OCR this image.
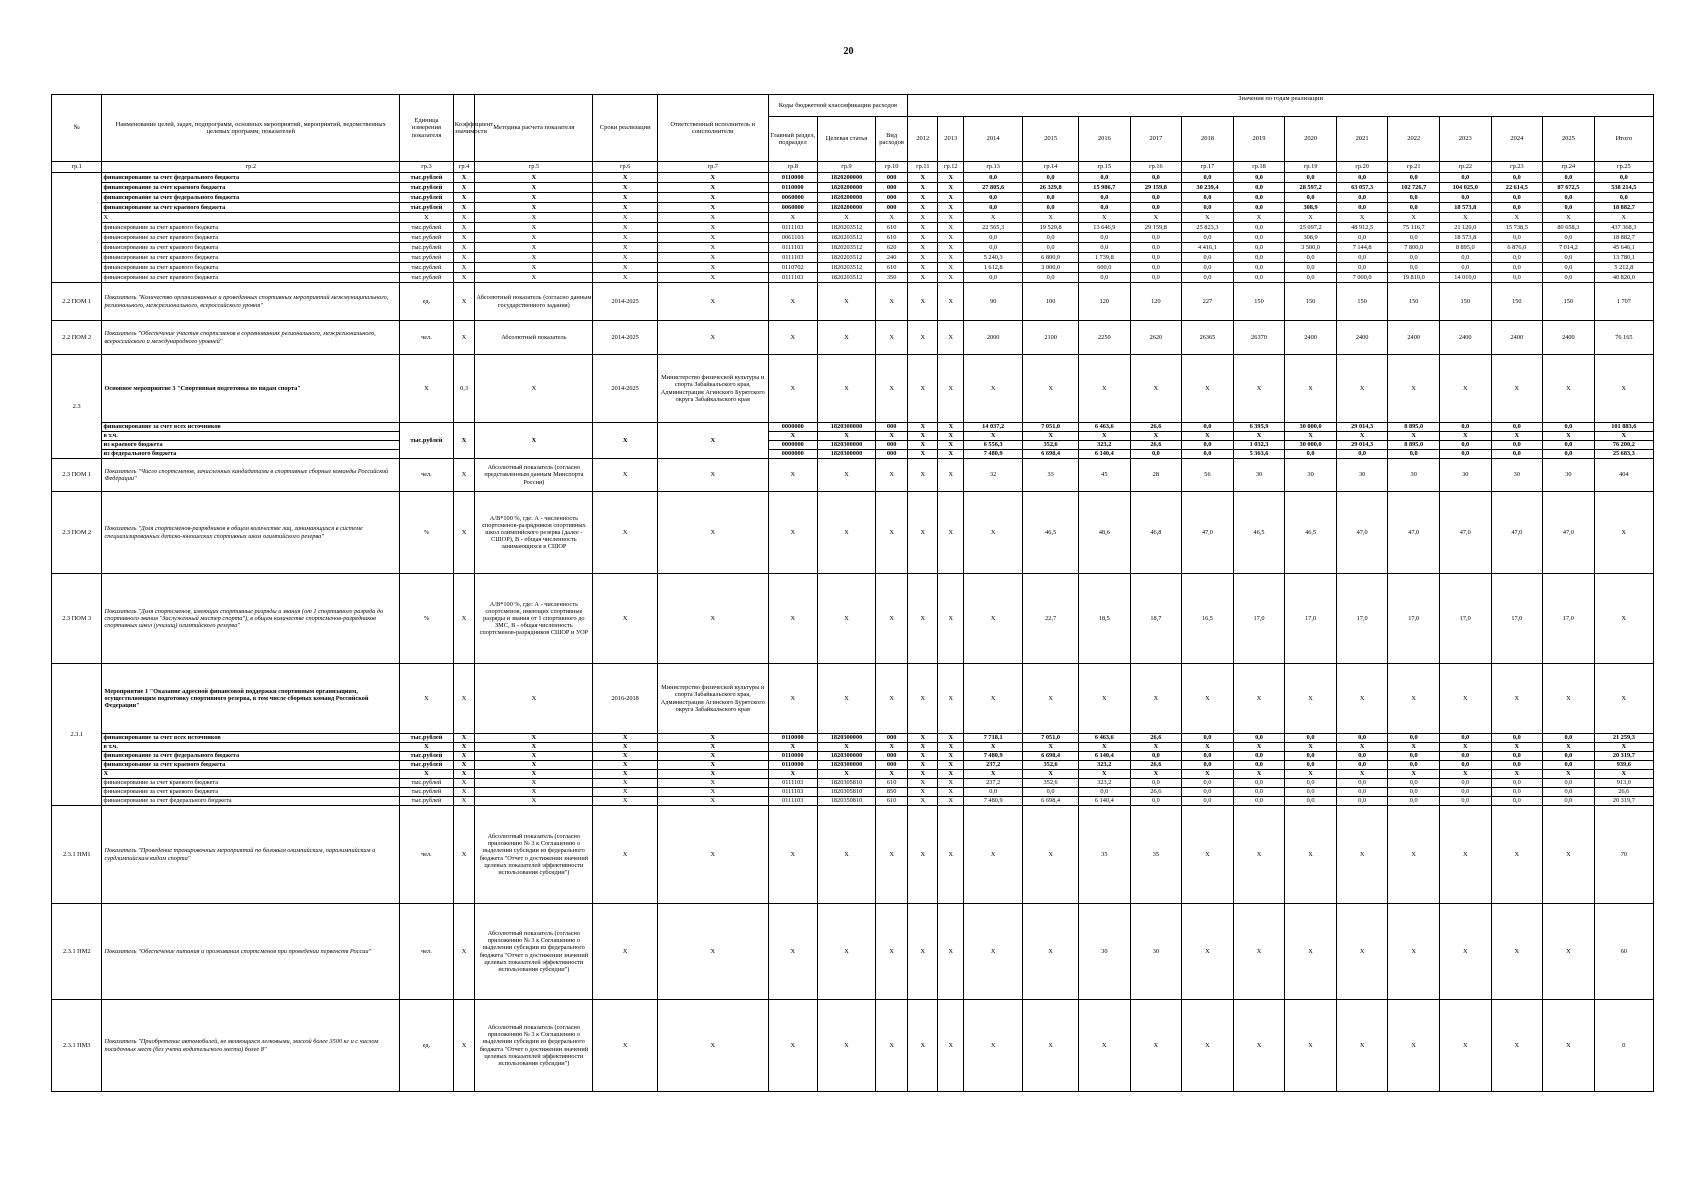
20
№	Наименование целей, задач, подпрограмм, основных мероприятий, мероприятий, ведомственных целевых программ, показателей	Единица измерения показателя	Коэффициент значимости	Методика расчета показателя	Сроки реализации	Ответственный исполнитель и соисполнители	Коды бюджетной классификации расходов			Значения по годам реализации														
							Главный раздел, подраздел	Целевая статья	Вид расходов	2012	2013	2014	2015	2016	2017	2018	2019	2020	2021	2022	2023	2024	2025	Итого
гр.1	гр.2	гр.3	гр.4	гр.5	гр.6	гр.7	гр.8	гр.9	гр.10	гр.11	гр.12	гр.13	гр.14	гр.15	гр.16	гр.17	гр.18	гр.19	гр.20	гр.21	гр.22	гр.23	гр.24	гр.25
	финансирование за счет федерального бюджета	тыс.рублей	Х	Х	Х	Х	0110000	1820200000	000	Х	Х	0,0	0,0	0,0	0,0	0,0	0,0	0,0	0,0	0,0	0,0	0,0	0,0	0,0
	финансирование за счет краевого бюджета	тыс.рублей	Х	Х	Х	Х	0110000	1820200000	000	Х	Х	27 805,6	26 329,8	15 986,7	29 159,8	30 239,4	0,0	28 597,2	63 057,3	102 726,7	104 025,0	22 614,5	87 672,5	538 214,5
	финансирование за счет федерального бюджета	тыс.рублей	Х	Х	Х	Х	0060000	1820200000	000	Х	Х	0,0	0,0	0,0	0,0	0,0	0,0	0,0	0,0	0,0	0,0	0,0	0,0	0,0
	финансирование за счет краевого бюджета	тыс.рублей	Х	Х	Х	Х	0060000	1820200000	000	Х	Х	0,0	0,0	0,0	0,0	0,0	0,0	308,9	0,0	0,0	18 573,8	0,0	0,0	18 882,7
	Х	Х	Х	Х	Х	Х	Х	Х	Х	Х	Х	Х	Х	Х	Х	Х	Х	Х	Х	Х	Х	Х	Х	Х
	финансирование за счет краевого бюджета	тыс.рублей	Х	Х	Х	Х	0111103	1820203512	610	Х	Х	22 565,3	19 529,8	13 646,9	29 159,8	25 823,3	0,0	25 097,2	48 912,5	75 116,7	21 120,0	15 738,5	80 658,3	437 368,3
	финансирование за счет краевого бюджета	тыс.рублей	Х	Х	Х	Х	0061103	1820203512	610	Х	Х	0,0	0,0	0,0	0,0	0,0	0,0	308,9	0,0	0,0	18 573,8	0,0	0,0	18 882,7
	финансирование за счет краевого бюджета	тыс.рублей	Х	Х	Х	Х	0111103	1820203512	620	Х	Х	0,0	0,0	0,0	0,0	4 416,1	0,0	3 500,0	7 144,8	7 800,0	8 895,0	6 876,0	7 014,2	45 646,1
	финансирование за счет краевого бюджета	тыс.рублей	Х	Х	Х	Х	0111103	1820203512	240	Х	Х	5 240,3	6 800,0	1 739,8	0,0	0,0	0,0	0,0	0,0	0,0	0,0	0,0	0,0	13 780,1
	финансирование за счет краевого бюджета	тыс.рублей	Х	Х	Х	Х	0110702	1820203512	610	Х	Х	1 612,8	3 000,0	600,0	0,0	0,0	0,0	0,0	0,0	0,0	0,0	0,0	0,0	5 212,8
	финансирование за счет краевого бюджета	тыс.рублей	Х	Х	Х	Х	0111103	1820203512	350	Х	Х	0,0	0,0	0,0	0,0	0,0	0,0	0,0	7 000,0	19 810,0	14 010,0	0,0	0,0	40 820,0
2.2 ПОМ 1	Показатель "Количество организованных и проведенных спортивных мероприятий межмуниципального, регионального, межрегионального, всероссийского уровня"	ед.	Х	Абсолютный показатель (согласно данным государственного задания)	2014-2025	Х	Х	Х	Х	Х	Х	90	100	120	120	227	150	150	150	150	150	150	150	1 707
2.2 ПОМ 2	Показатель "Обеспечение участия спортсменов в соревнованиях регионального, межрегионального, всероссийского и международного уровней"	чел.	Х	Абсолютный показатель	2014-2025	Х	Х	Х	Х	Х	Х	2000	2100	2250	2620	26365	26370	2400	2400	2400	2400	2400	2400	76 165
2.3	Основное мероприятие 3 "Спортивная подготовка по видам спорта"	Х	0,3	Х	2014-2025	Министерство физической культуры и спорта Забайкальского края, Администрация Агинского Бурятского округа Забайкальского края	Х	Х	Х	Х	Х	Х	Х	Х	Х	Х	Х	Х	Х	Х	Х	Х	Х	Х
	финансирование за счет всех источников	тыс.рублей	Х	Х	Х	Х	0000000	1820300000	000	Х	Х	14 037,2	7 051,0	6 463,6	26,6	0,0	6 395,9	30 000,0	29 014,3	8 895,0	0,0	0,0	0,0	101 883,6
	в т.ч.						Х	Х	Х	Х	Х	Х	Х	Х	Х	Х	Х	Х	Х	Х	Х	Х	Х	Х
	из краевого бюджета						0000000	1820300000	000	Х	Х	6 556,3	352,6	323,2	26,6	0,0	1 032,3	30 000,0	29 014,3	8 895,0	0,0	0,0	0,0	76 200,2
	из федерального бюджета						0000000	1820300000	000	Х	Х	7 480,9	6 698,4	6 140,4	0,0	0,0	5 363,6	0,0	0,0	0,0	0,0	0,0	0,0	25 683,3
2.3 ПОМ 1	Показатель "Число спортсменов, зачисленных кандидатами в спортивные сборные команды Российской Федерации"	чел.	Х	Абсолютный показатель (согласно представленным данным Минспорта России)	Х	Х	Х	Х	Х	Х	Х	32	33	45	28	56	30	30	30	30	30	30	30	404
2.3 ПОМ 2	Показатель "Доля спортсменов-разрядников в общем количестве лиц, занимающихся в системе специализированных детско-юношеских спортивных школ олимпийского резерва"	%	Х	А/В*100 %, где: А - численность спортсменов-разрядников спортивных школ олимпийского резерва (далее - СШОР), В - общая численность занимающихся в СШОР	Х	Х	Х	Х	Х	Х	Х	Х	46,5	48,6	46,8	47,0	46,5	46,5	47,0	47,0	47,0	47,0	47,0	Х
2.3 ПОМ 3	Показатель "Доля спортсменов, имеющих спортивные разряды и звания (от 1 спортивного разряда до спортивного звания "Заслуженный мастер спорта"), в общем количестве спортсменов-разрядников спортивных школ (училищ) олимпийского резерва"	%	Х	А/В*100 %, где: А - численность спортсменов, имеющих спортивные разряды и звания от 1 спортивного до ЗМС, В - общая численность спортсменов-разрядников СШОР и УОР	Х	Х	Х	Х	Х	Х	Х	Х	22,7	18,5	18,7	16,5	17,0	17,0	17,0	17,0	17,0	17,0	17,0	Х
2.3.1	Мероприятие 1 "Оказание адресной финансовой поддержки спортивным организациям, осуществляющим подготовку спортивного резерва, в том числе сборных команд Российской Федерации"	Х	Х	Х	2016-2018	Министерство физической культуры и спорта Забайкальского края, Администрация Агинского Бурятского округа Забайкальского края	Х	Х	Х	Х	Х	Х	Х	Х	Х	Х	Х	Х	Х	Х	Х	Х	Х	Х
	финансирование за счет всех источников	тыс.рублей	Х	Х	Х	Х	0110000	1820300000	000	Х	Х	7 718,1	7 051,0	6 463,6	26,6	0,0	0,0	0,0	0,0	0,0	0,0	0,0	0,0	21 259,3
	в т.ч.	Х	Х	Х	Х	Х	Х	Х	Х	Х	Х	Х	Х	Х	Х	Х	Х	Х	Х	Х	Х	Х	Х	Х
	финансирование за счет федерального бюджета	тыс.рублей	Х	Х	Х	Х	0110000	1820300000	000	Х	Х	7 480,9	6 698,4	6 140,4	0,0	0,0	0,0	0,0	0,0	0,0	0,0	0,0	0,0	20 319,7
	финансирование за счет краевого бюджета	тыс.рублей	Х	Х	Х	Х	0110000	1820300000	000	Х	Х	237,2	352,6	323,2	26,6	0,0	0,0	0,0	0,0	0,0	0,0	0,0	0,0	939,6
	Х	Х	Х	Х	Х	Х	Х	Х	Х	Х	Х	Х	Х	Х	Х	Х	Х	Х	Х	Х	Х	Х	Х	Х
	финансирование за счет краевого бюджета	тыс.рублей	Х	Х	Х	Х	0111103	1820305810	610	Х	Х	237,2	352,6	323,2	0,0	0,0	0,0	0,0	0,0	0,0	0,0	0,0	0,0	913,0
	финансирование за счет краевого бюджета	тыс.рублей	Х	Х	Х	Х	0111103	1820305810	850	Х	Х	0,0	0,0	0,0	26,6	0,0	0,0	0,0	0,0	0,0	0,0	0,0	0,0	26,6
	финансирование за счет федерального бюджета	тыс.рублей	Х	Х	Х	Х	0111103	1820350810	610	Х	Х	7 480,9	6 698,4	6 140,4	0,0	0,0	0,0	0,0	0,0	0,0	0,0	0,0	0,0	20 319,7
2.3.1 ПМ1	Показатель "Проведение тренировочных мероприятий по базовым олимпийским, паралимпийским и сурдлимпийским видам спорта"	чел.	Х	Абсолютный показатель (согласно приложению № 3 к Соглашению о выделении субсидии из федерального бюджета "Отчет о достижении значений целевых показателей эффективности использования субсидии")	Х	Х	Х	Х	Х	Х	Х	Х	Х	35	35	Х	Х	Х	Х	Х	Х	Х	Х	70
2.3.1 ПМ2	Показатель "Обеспечение питания и проживания спортсменов при проведении первенств России"	чел.	Х	Абсолютный показатель (согласно приложению № 3 к Соглашению о выделении субсидии из федерального бюджета "Отчет о достижении значений целевых показателей эффективности использования субсидии")	Х	Х	Х	Х	Х	Х	Х	Х	Х	30	30	Х	Х	Х	Х	Х	Х	Х	Х	60
2.3.1 ПМ3	Показатель "Приобретение автомобилей, не являющихся легковыми, массой более 3500 кг и с числом посадочных мест (без учета водительского места) более 8"	ед.	Х	Абсолютный показатель (согласно приложению № 3 к Соглашению о выделении субсидии из федерального бюджета "Отчет о достижении значений целевых показателей эффективности использования субсидии")	Х	Х	Х	Х	Х	Х	Х	Х	Х	Х	Х	Х	Х	Х	Х	Х	Х	Х	Х	0
